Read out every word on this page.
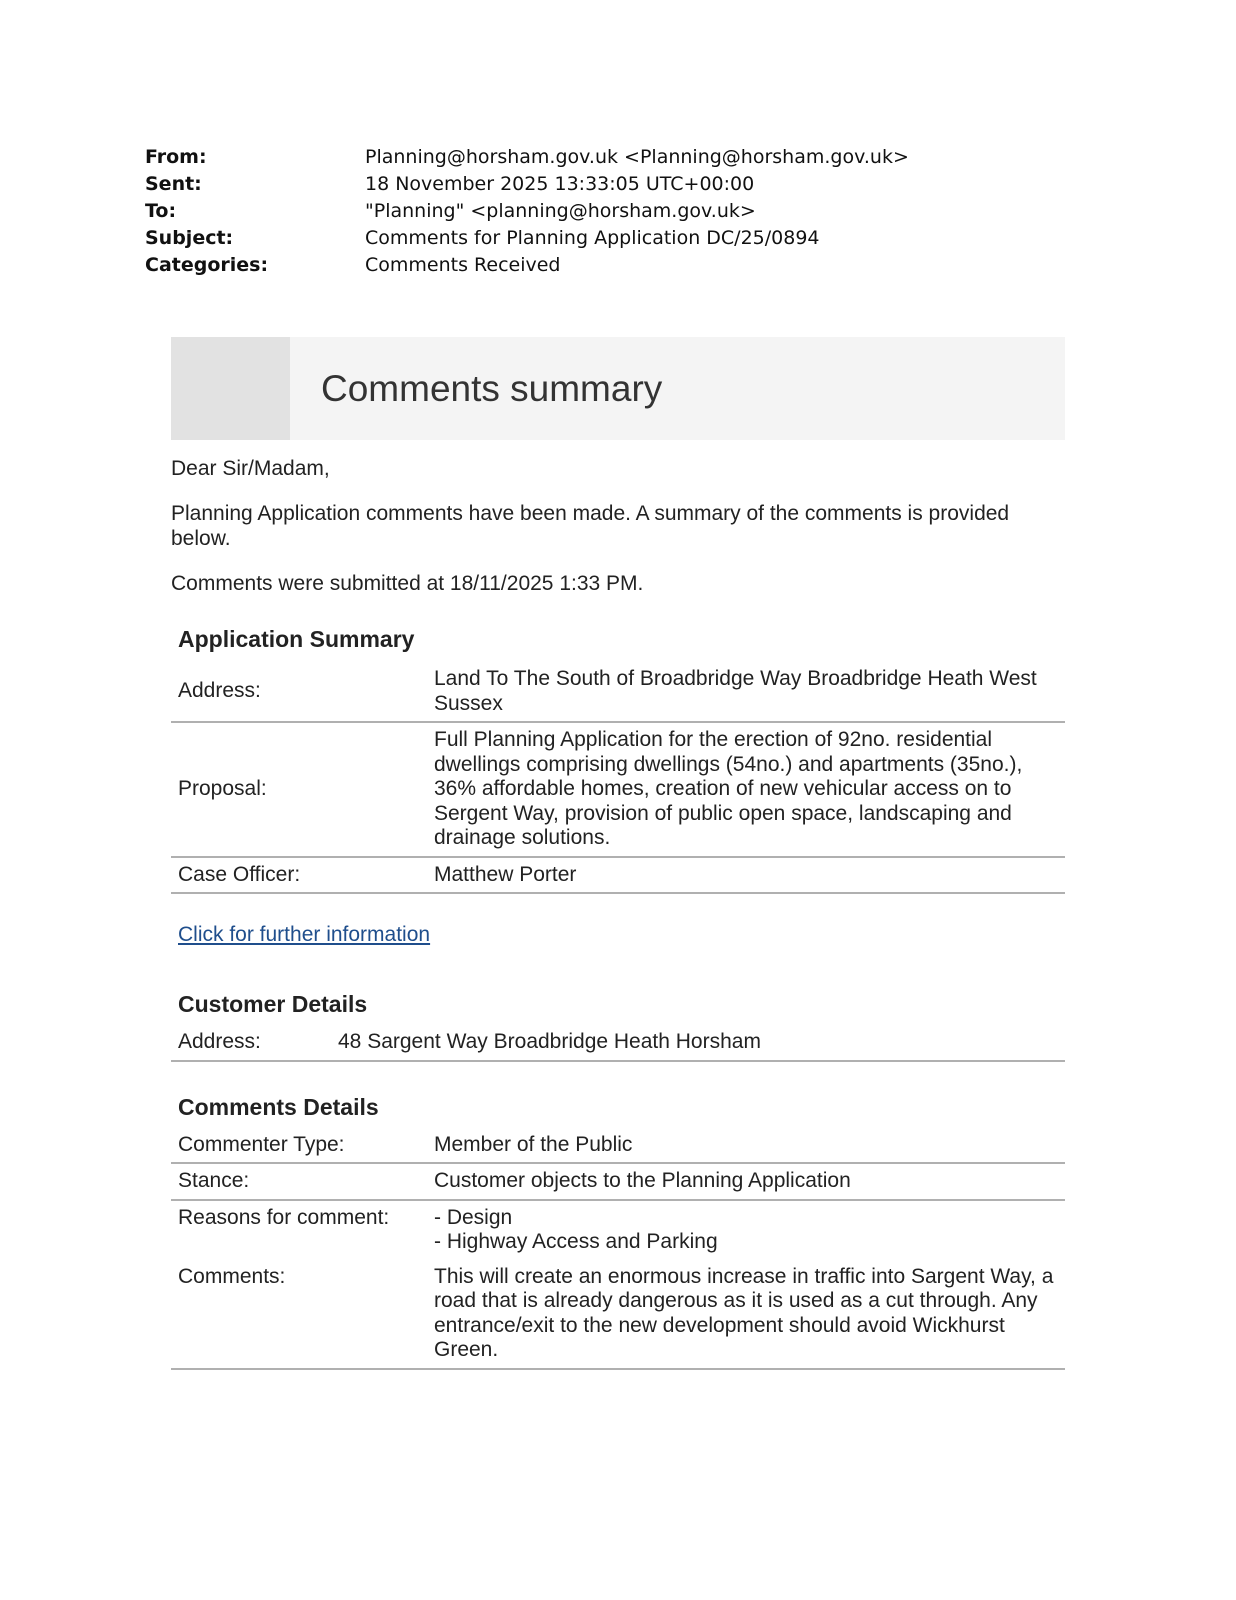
From:	Planning@horsham.gov.uk <Planning@horsham.gov.uk>
Sent:	18 November 2025 13:33:05 UTC+00:00
To:	"Planning" <planning@horsham.gov.uk>
Subject:	Comments for Planning Application DC/25/0894
Categories:	Comments Received
Comments summary

Dear Sir/Madam,

Planning Application comments have been made. A summary of the comments is provided below.

Comments were submitted at 18/11/2025 1:33 PM.

Application Summary
Address:	Land To The South of Broadbridge Way Broadbridge Heath West Sussex
Proposal:	Full Planning Application for the erection of 92no. residential dwellings comprising dwellings (54no.) and apartments (35no.), 36% affordable homes, creation of new vehicular access on to Sergent Way, provision of public open space, landscaping and drainage solutions.
Case Officer:	Matthew Porter
Click for further information
Customer Details
Address:	48 Sargent Way Broadbridge Heath Horsham
Comments Details
Commenter Type:	Member of the Public
Stance:	Customer objects to the Planning Application
Reasons for comment:	- Design
- Highway Access and Parking

Comments:	This will create an enormous increase in traffic into Sargent Way, a road that is already dangerous as it is used as a cut through. Any entrance/exit to the new development should avoid Wickhurst Green.
